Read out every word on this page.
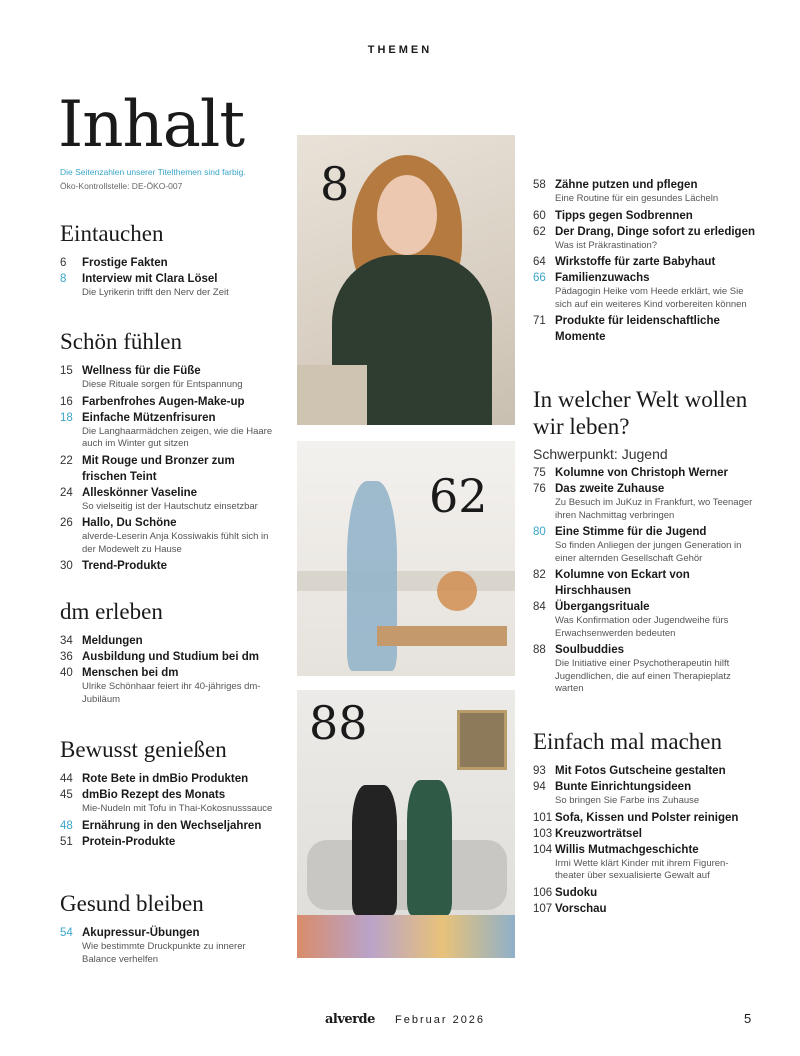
THEMEN
Inhalt
Die Seitenzahlen unserer Titelthemen sind farbig.
Öko-Kontrollstelle: DE-ÖKO-007
Eintauchen
6	Frostige Fakten
8	Interview mit Clara Lösel
Die Lyrikerin trifft den Nerv der Zeit
Schön fühlen
15 Wellness für die Füße
Diese Rituale sorgen für Entspannung
16 Farbenfrohes Augen-Make-up
18 Einfache Mützenfrisuren
Die Langhaarmädchen zeigen, wie die Haare auch im Winter gut sitzen
22 Mit Rouge und Bronzer zum frischen Teint
24 Alleskönner Vaseline
So vielseitig ist der Hautschutz einsetzbar
26 Hallo, Du Schöne
alverde-Leserin Anja Kossiwakis fühlt sich in der Modewelt zu Hause
30 Trend-Produkte
dm erleben
34 Meldungen
36 Ausbildung und Studium bei dm
40 Menschen bei dm
Ulrike Schönhaar feiert ihr 40-jähriges dm-Jubiläum
Bewusst genießen
44 Rote Bete in dmBio Produkten
45 dmBio Rezept des Monats
Mie-Nudeln mit Tofu in Thai-Kokosnusssauce
48 Ernährung in den Wechseljahren
51 Protein-Produkte
Gesund bleiben
54 Akupressur-Übungen
Wie bestimmte Druckpunkte zu innerer Balance verhelfen
58 Zähne putzen und pflegen
Eine Routine für ein gesundes Lächeln
60 Tipps gegen Sodbrennen
62 Der Drang, Dinge sofort zu erledigen
Was ist Präkrastination?
64 Wirkstoffe für zarte Babyhaut
66 Familienzuwachs
Pädagogin Heike vom Heede erklärt, wie Sie sich auf ein weiteres Kind vorbereiten können
71 Produkte für leidenschaftliche Momente
In welcher Welt wollen wir leben?
Schwerpunkt: Jugend
75 Kolumne von Christoph Werner
76 Das zweite Zuhause
Zu Besuch im JuKuz in Frankfurt, wo Teenager ihren Nachmittag verbringen
80 Eine Stimme für die Jugend
So finden Anliegen der jungen Generation in einer alternden Gesellschaft Gehör
82 Kolumne von Eckart von Hirschhausen
84 Übergangsrituale
Was Konfirmation oder Jugendweihe fürs Erwachsenwerden bedeuten
88 Soulbuddies
Die Initiative einer Psychotherapeutin hilft Jugendlichen, die auf einen Therapieplatz warten
Einfach mal machen
93 Mit Fotos Gutscheine gestalten
94 Bunte Einrichtungsideen
So bringen Sie Farbe ins Zuhause
101 Sofa, Kissen und Polster reinigen
103 Kreuzworträtsel
104 Willis Mutmachgeschichte
Irmi Wette klärt Kinder mit ihrem Figuren-theater über sexualisierte Gewalt auf
106 Sudoku
107 Vorschau
8
62
88
alverde Februar 2026	5
